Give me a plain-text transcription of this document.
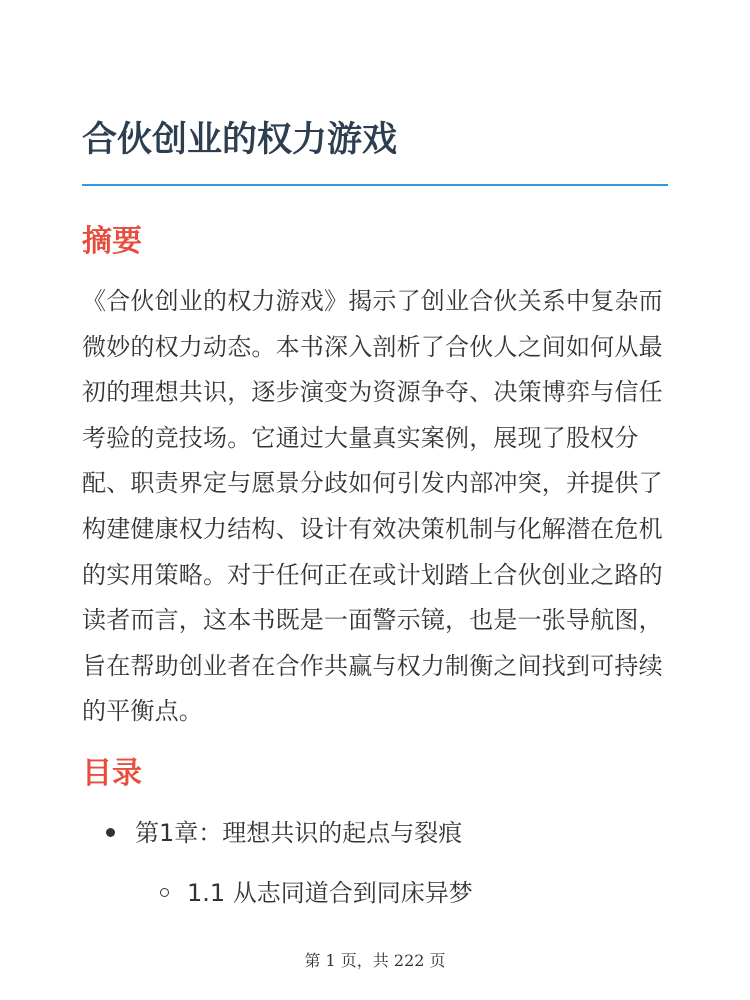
合伙创业的权力游戏
摘要

《合伙创业的权力游戏》揭示了创业合伙关系中复杂而微妙的权力动态。本书深入剖析了合伙人之间如何从最初的理想共识，逐步演变为资源争夺、决策博弈与信任考验的竞技场。它通过大量真实案例，展现了股权分配、职责界定与愿景分歧如何引发内部冲突，并提供了构建健康权力结构、设计有效决策机制与化解潜在危机的实用策略。对于任何正在或计划踏上合伙创业之路的读者而言，这本书既是一面警示镜，也是一张导航图，旨在帮助创业者在合作共赢与权力制衡之间找到可持续的平衡点。

目录
第1章：理想共识的起点与裂痕
1.1 从志同道合到同床异梦
第 1 页，共 222 页
